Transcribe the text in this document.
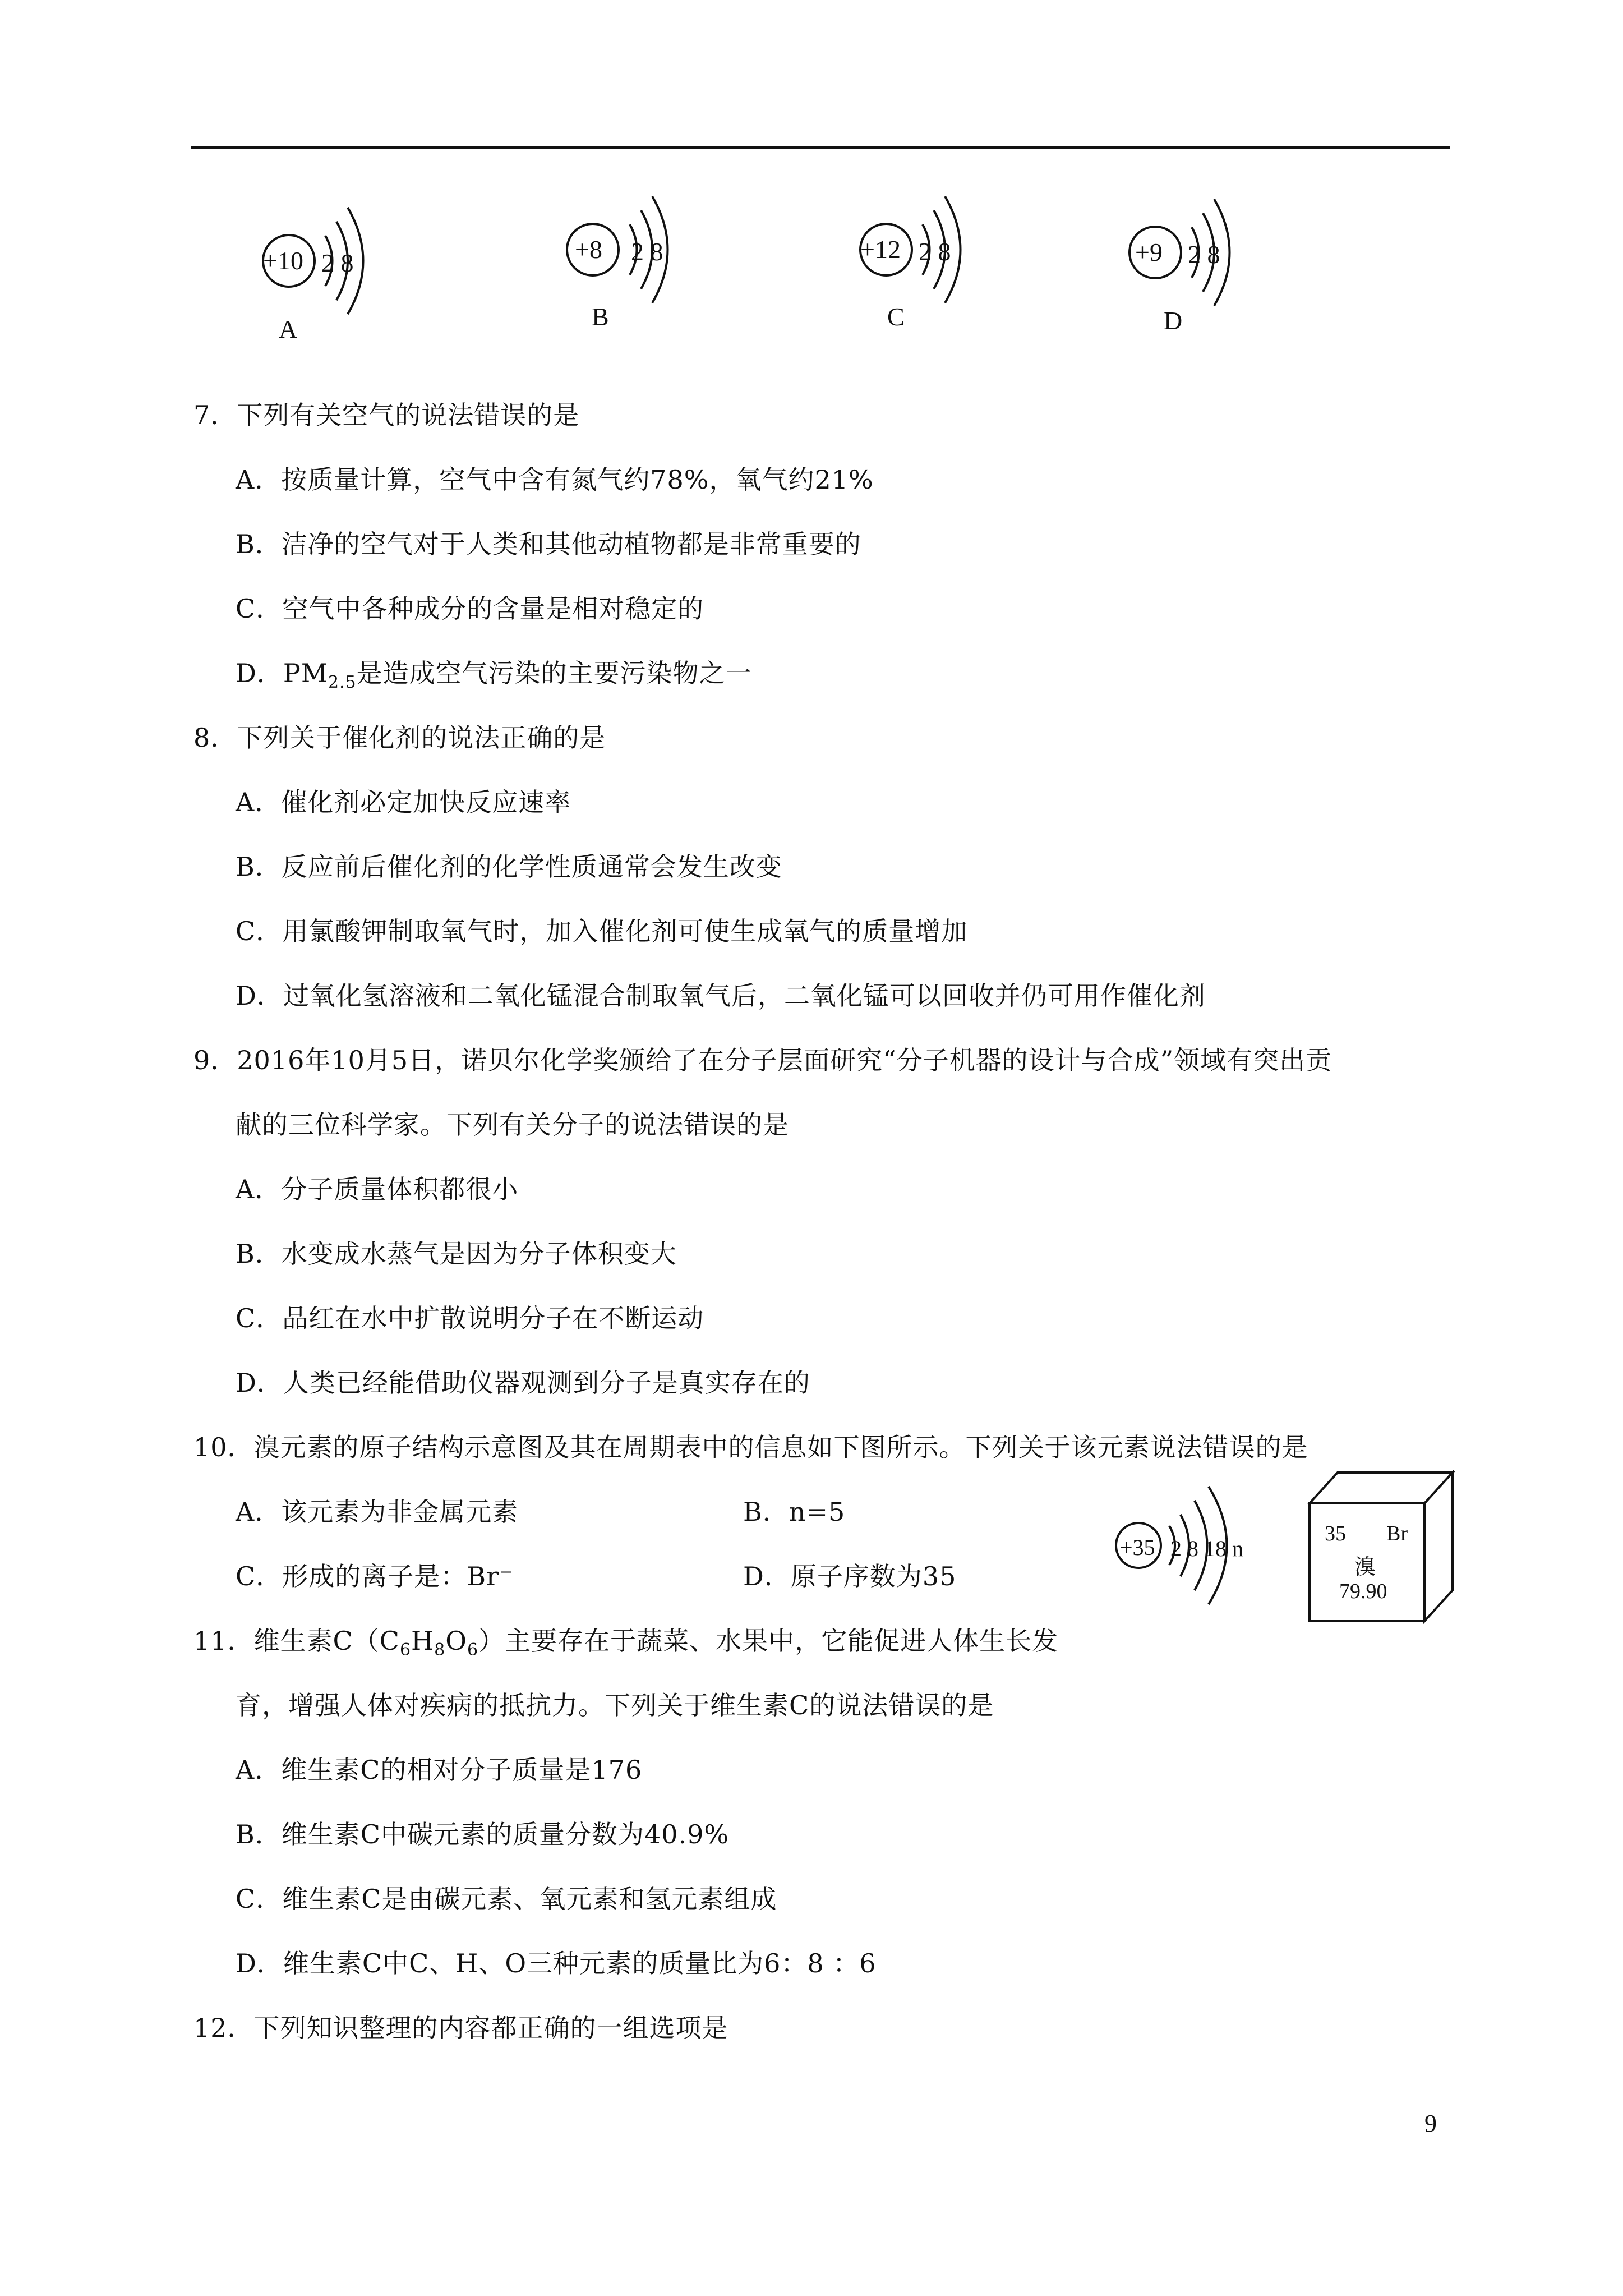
+10 2 8
A
+8 2 8
B
+12 2 8
C
+9 2 8
D
7．下列有关空气的说法错误的是
A．按质量计算，空气中含有氮气约78%，氧气约21%
B．洁净的空气对于人类和其他动植物都是非常重要的
C．空气中各种成分的含量是相对稳定的
D．$PM_{2.5}$是造成空气污染的主要污染物之一
8．下列关于催化剂的说法正确的是
A．催化剂必定加快反应速率
B．反应前后催化剂的化学性质通常会发生改变
C．用氯酸钾制取氧气时，加入催化剂可使生成氧气的质量增加
D．过氧化氢溶液和二氧化锰混合制取氧气后，二氧化锰可以回收并仍可用作催化剂
9．2016年10月5日，诺贝尔化学奖颁给了在分子层面研究“分子机器的设计与合成”领域有突出贡
献的三位科学家。下列有关分子的说法错误的是
A．分子质量体积都很小
B．水变成水蒸气是因为分子体积变大
C．品红在水中扩散说明分子在不断运动
D．人类已经能借助仪器观测到分子是真实存在的
10．溴元素的原子结构示意图及其在周期表中的信息如下图所示。下列关于该元素说法错误的是
A．该元素为非金属元素	B．n=5
C．形成的离子是：Br⁻	D．原子序数为35
+35 2 8 18 n
35 Br
溴
79.90
11．维生素$C(C_6H_8O_6)$主要存在于蔬菜、水果中，它能促进人体生长发
育，增强人体对疾病的抵抗力。下列关于维生素C的说法错误的是
A．维生素C的相对分子质量是176
B．维生素C中碳元素的质量分数为40.9%
C．维生素C是由碳元素、氧元素和氢元素组成
D．维生素C中C、H、O三种元素的质量比为6：8 ：6
12．下列知识整理的内容都正确的一组选项是
9
